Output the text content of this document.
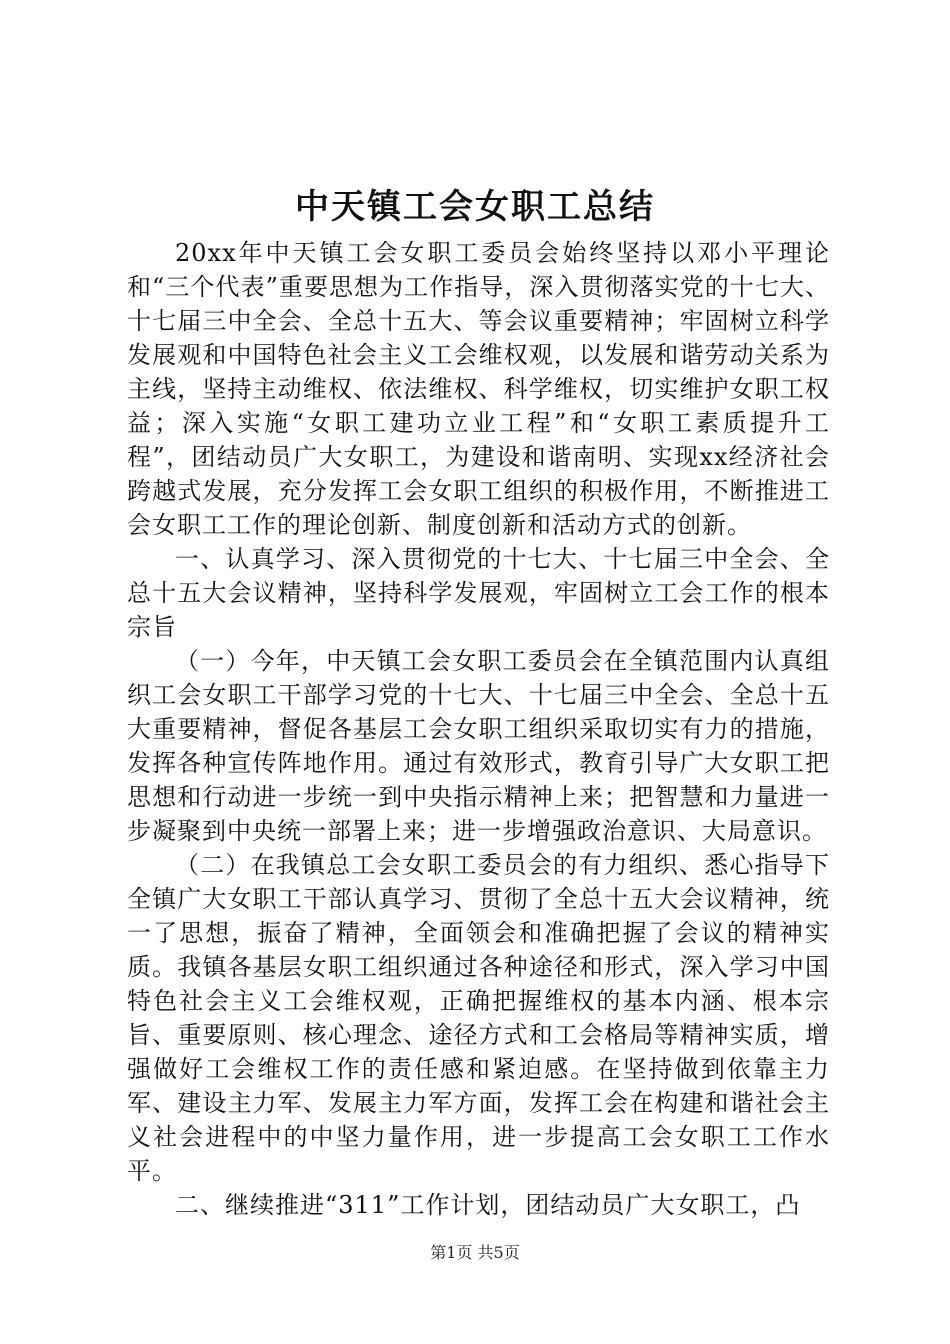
中天镇工会女职工总结

20xx年中天镇工会女职工委员会始终坚持以邓小平理论和“三个代表”重要思想为工作指导，深入贯彻落实党的十七大、十七届三中全会、全总十五大、等会议重要精神；牢固树立科学发展观和中国特色社会主义工会维权观，以发展和谐劳动关系为主线，坚持主动维权、依法维权、科学维权，切实维护女职工权益；深入实施“女职工建功立业工程”和“女职工素质提升工程”，团结动员广大女职工，为建设和谐南明、实现xx经济社会跨越式发展，充分发挥工会女职工组织的积极作用，不断推进工会女职工工作的理论创新、制度创新和活动方式的创新。

一、认真学习、深入贯彻党的十七大、十七届三中全会、全总十五大会议精神，坚持科学发展观，牢固树立工会工作的根本宗旨

（一）今年，中天镇工会女职工委员会在全镇范围内认真组织工会女职工干部学习党的十七大、十七届三中全会、全总十五大重要精神，督促各基层工会女职工组织采取切实有力的措施，发挥各种宣传阵地作用。通过有效形式，教育引导广大女职工把思想和行动进一步统一到中央指示精神上来；把智慧和力量进一步凝聚到中央统一部署上来；进一步增强政治意识、大局意识。

（二）在我镇总工会女职工委员会的有力组织、悉心指导下全镇广大女职工干部认真学习、贯彻了全总十五大会议精神，统一了思想，振奋了精神，全面领会和准确把握了会议的精神实质。我镇各基层女职工组织通过各种途径和形式，深入学习中国特色社会主义工会维权观，正确把握维权的基本内涵、根本宗旨、重要原则、核心理念、途径方式和工会格局等精神实质，增强做好工会维权工作的责任感和紧迫感。在坚持做到依靠主力军、建设主力军、发展主力军方面，发挥工会在构建和谐社会主义社会进程中的中坚力量作用，进一步提高工会女职工工作水平。

二、继续推进“311”工作计划，团结动员广大女职工，凸

第1页 共5页
